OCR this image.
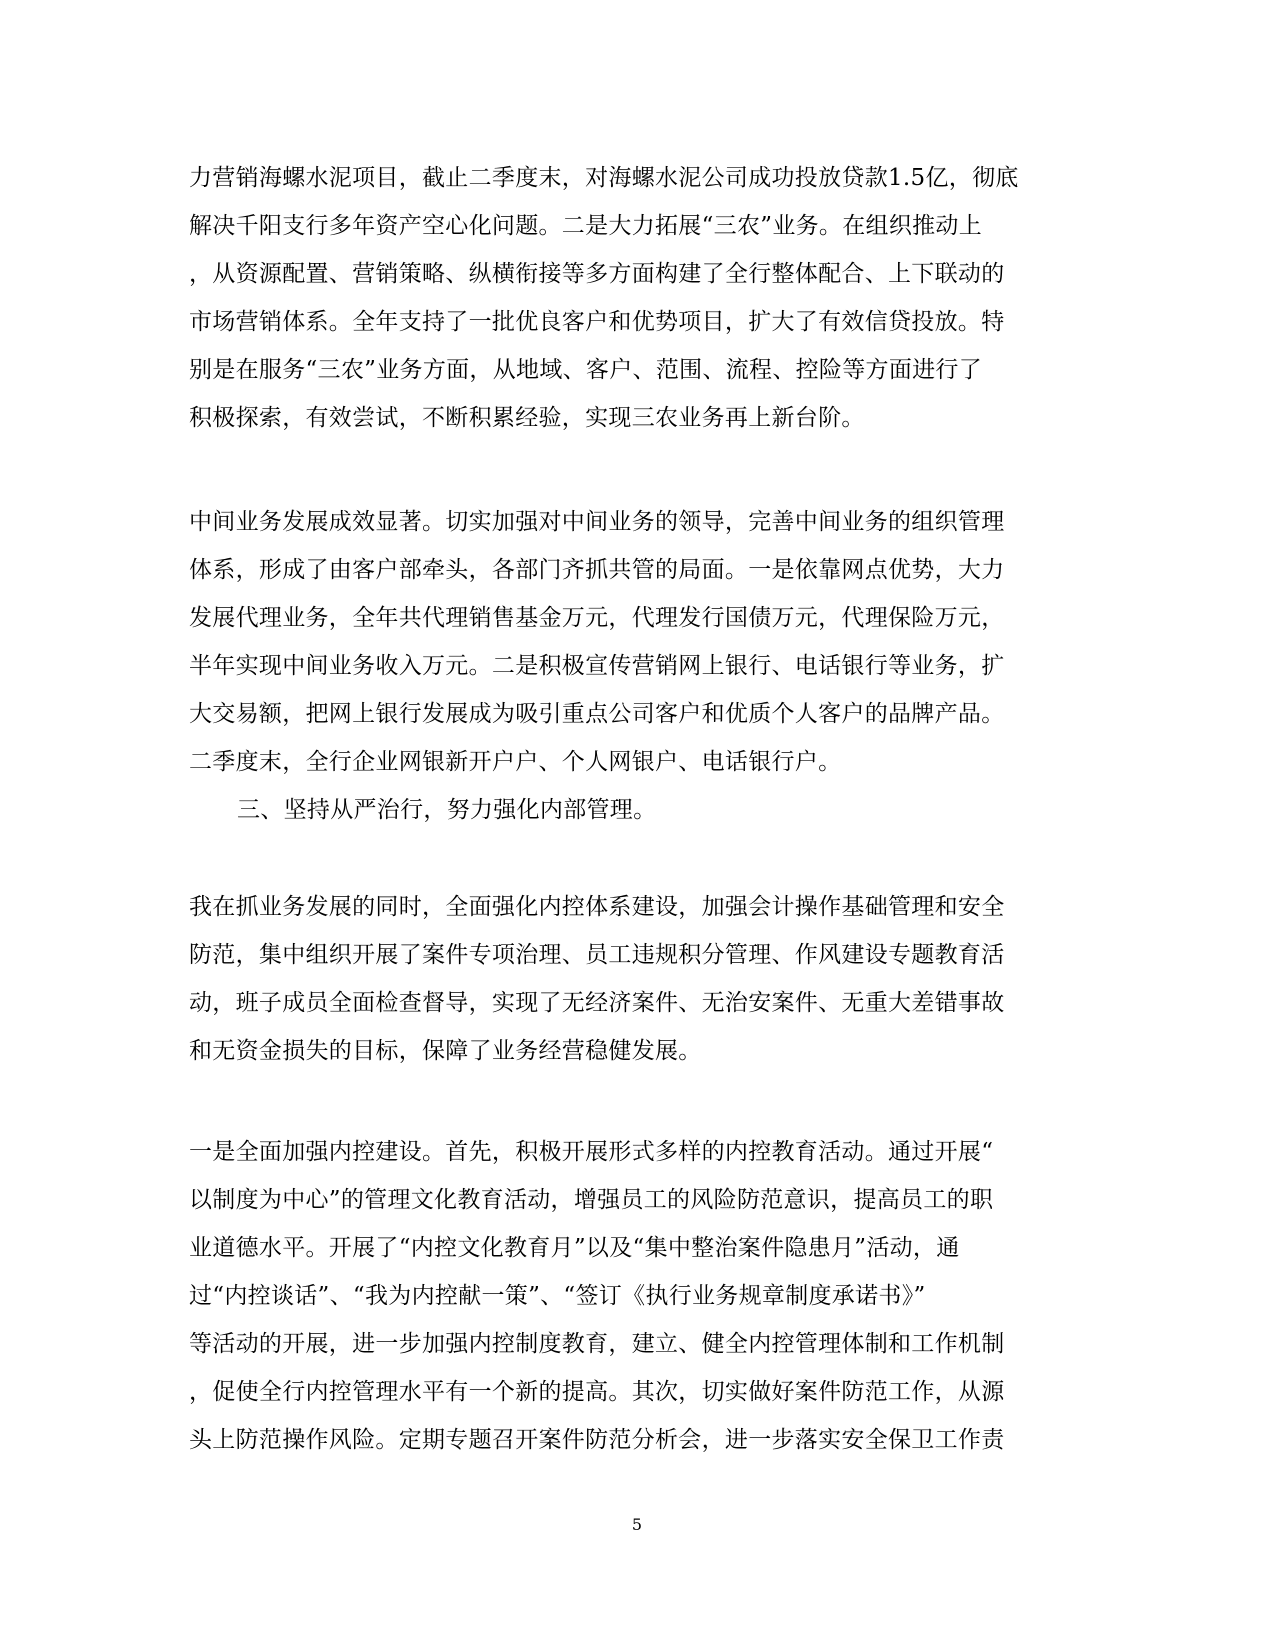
力营销海螺水泥项目，截止二季度末，对海螺水泥公司成功投放贷款1.5亿，彻底
解决千阳支行多年资产空心化问题。二是大力拓展“三农”业务。在组织推动上
，从资源配置、营销策略、纵横衔接等多方面构建了全行整体配合、上下联动的
市场营销体系。全年支持了一批优良客户和优势项目，扩大了有效信贷投放。特
别是在服务“三农”业务方面，从地域、客户、范围、流程、控险等方面进行了
积极探索，有效尝试，不断积累经验，实现三农业务再上新台阶。
中间业务发展成效显著。切实加强对中间业务的领导，完善中间业务的组织管理
体系，形成了由客户部牵头，各部门齐抓共管的局面。一是依靠网点优势，大力
发展代理业务，全年共代理销售基金万元，代理发行国债万元，代理保险万元，
半年实现中间业务收入万元。二是积极宣传营销网上银行、电话银行等业务，扩
大交易额，把网上银行发展成为吸引重点公司客户和优质个人客户的品牌产品。
二季度末，全行企业网银新开户户、个人网银户、电话银行户。
三、坚持从严治行，努力强化内部管理。
我在抓业务发展的同时，全面强化内控体系建设，加强会计操作基础管理和安全
防范，集中组织开展了案件专项治理、员工违规积分管理、作风建设专题教育活
动，班子成员全面检查督导，实现了无经济案件、无治安案件、无重大差错事故
和无资金损失的目标，保障了业务经营稳健发展。
一是全面加强内控建设。首先，积极开展形式多样的内控教育活动。通过开展“
以制度为中心”的管理文化教育活动，增强员工的风险防范意识，提高员工的职
业道德水平。开展了“内控文化教育月”以及“集中整治案件隐患月”活动，通
过“内控谈话”、“我为内控献一策”、“签订《执行业务规章制度承诺书》”
等活动的开展，进一步加强内控制度教育，建立、健全内控管理体制和工作机制
，促使全行内控管理水平有一个新的提高。其次，切实做好案件防范工作，从源
头上防范操作风险。定期专题召开案件防范分析会，进一步落实安全保卫工作责
5
